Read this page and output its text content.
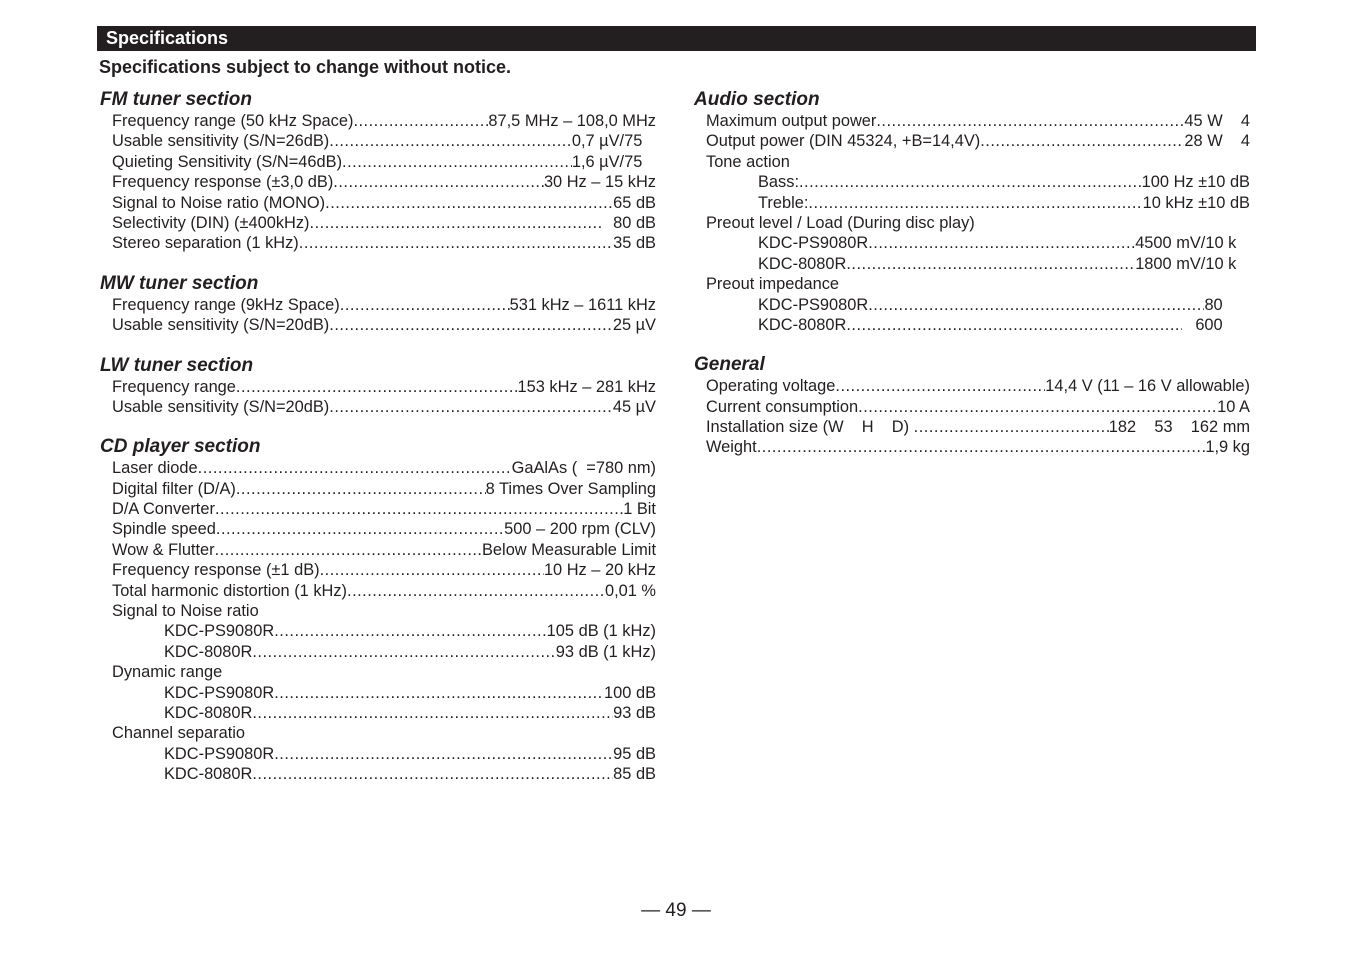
Specifications
Specifications subject to change without notice.
FM tuner section
Frequency range (50 kHz Space) .....	87,5 MHz – 108,0 MHz
Usable sensitivity (S/N=26dB) .....	0,7 µV/75
Quieting Sensitivity (S/N=46dB) .....	1,6 µV/75
Frequency response (±3,0 dB) .....	30 Hz – 15 kHz
Signal to Noise ratio (MONO) .....	65 dB
Selectivity (DIN) (±400kHz) .....	80 dB
Stereo separation (1 kHz) .....	35 dB
MW tuner section
Frequency range (9kHz Space) .....	531 kHz – 1611 kHz
Usable sensitivity (S/N=20dB) .....	25 µV
LW tuner section
Frequency range .....	153 kHz – 281 kHz
Usable sensitivity (S/N=20dB) .....	45 µV
CD player section
Laser diode .....	GaAlAs (  =780 nm)
Digital filter (D/A) .....	8 Times Over Sampling
D/A Converter .....	1 Bit
Spindle speed .....	500 – 200 rpm (CLV)
Wow & Flutter .....	Below Measurable Limit
Frequency response (±1 dB) .....	10 Hz – 20 kHz
Total harmonic distortion (1 kHz) .....	0,01 %
Signal to Noise ratio
KDC-PS9080R .....	105 dB (1 kHz)
KDC-8080R .....	93 dB (1 kHz)
Dynamic range
KDC-PS9080R .....	100 dB
KDC-8080R .....	93 dB
Channel separatio
KDC-PS9080R .....	95 dB
KDC-8080R .....	85 dB
Audio section
Maximum output power .....	45 W    4
Output power (DIN 45324, +B=14,4V) .....	28 W    4
Tone action
Bass: .....	100 Hz ±10 dB
Treble: .....	10 kHz ±10 dB
Preout level / Load (During disc play)
KDC-PS9080R .....	4500 mV/10 k
KDC-8080R .....	1800 mV/10 k
Preout impedance
KDC-PS9080R .....	80
KDC-8080R .....	600
General
Operating voltage .....	14,4 V (11 – 16 V allowable)
Current consumption .....	10 A
Installation size (W    H    D) .....	182    53    162 mm
Weight .....	1,9 kg
— 49 —
